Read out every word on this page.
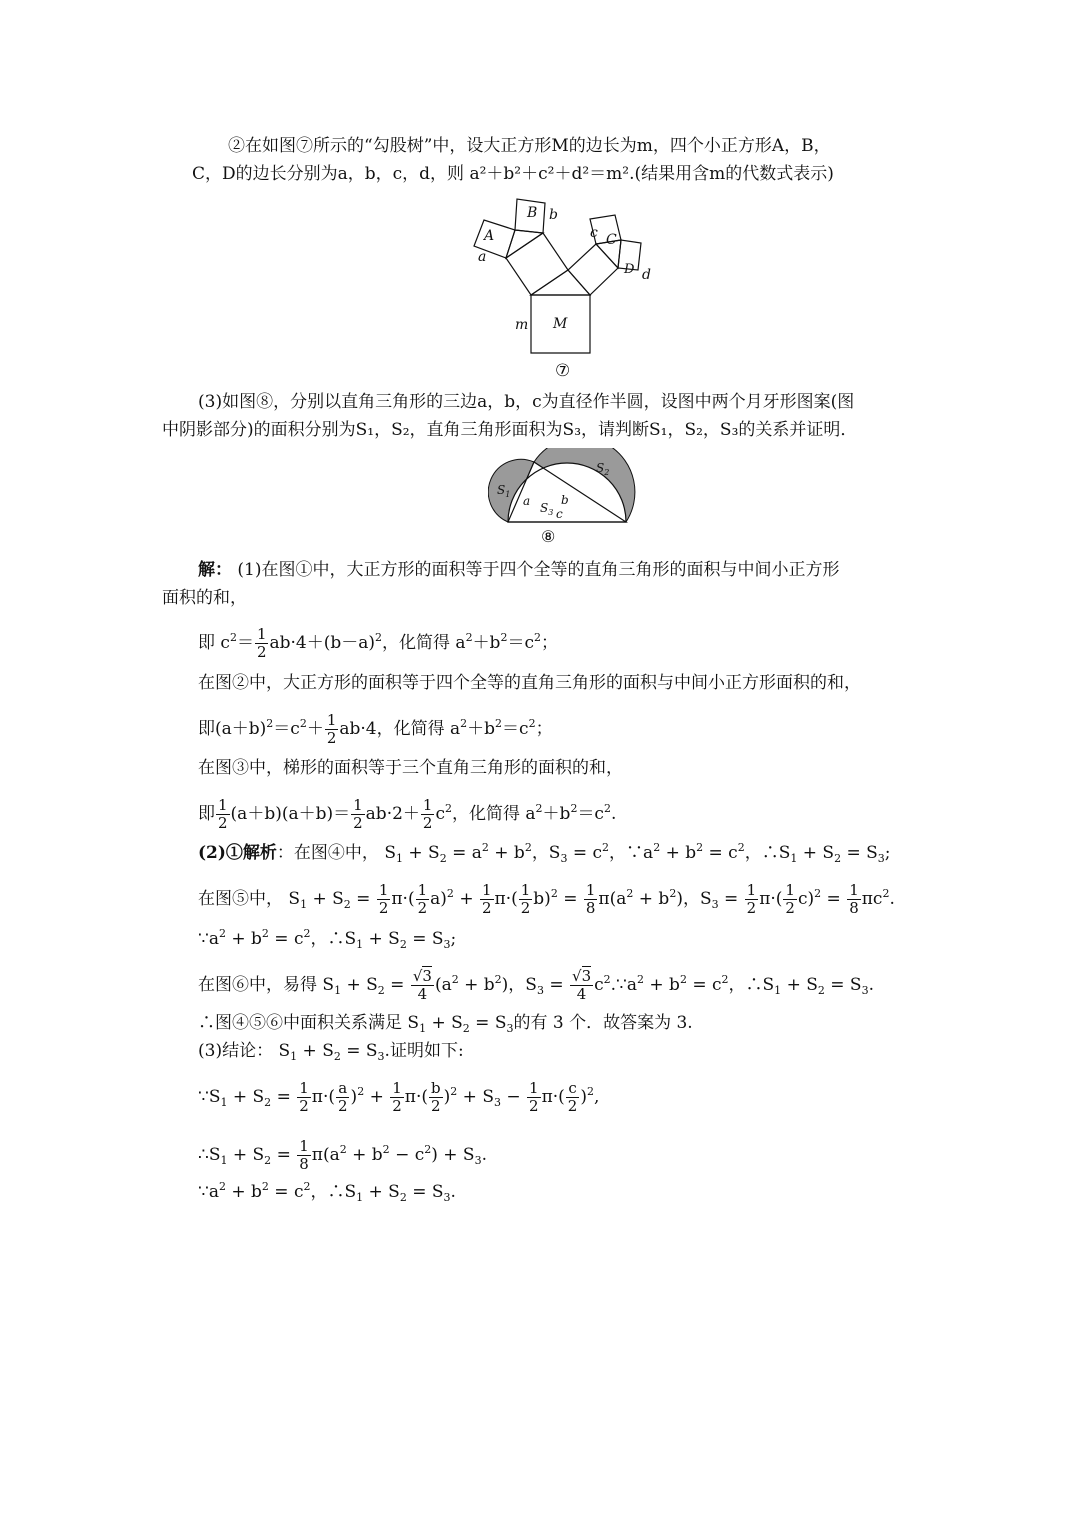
②在如图⑦所示的“勾股树”中，设大正方形M的边长为m，四个小正方形A，B，
C，D的边长分别为a，b，c，d，则 a²＋b²＋c²＋d²＝m².(结果用含m的代数式表示)
A
B
C
D
M
a
b
c
d
m
⑦
(3)如图⑧，分别以直角三角形的三边a，b，c为直径作半圆，设图中两个月牙形图案(图
中阴影部分)的面积分别为S₁，S₂，直角三角形面积为S₃，请判断S₁，S₂，S₃的关系并证明．
$S_1$
$S_2$
$S_3$
a	b
c
⑧
解： (1)在图①中，大正方形的面积等于四个全等的直角三角形的面积与中间小正方形
面积的和，
即 $c^2= \frac{1}{2} ab\cdot 4+(b-a)^2$，化简得 $a^2+b^2=c^2$；
在图②中，大正方形的面积等于四个全等的直角三角形的面积与中间小正方形面积的和，
即$(a+b)^2=c^2+ \frac{1}{2} ab\cdot 4$，化简得 $a^2+b^2=c^2$；
在图③中，梯形的面积等于三个直角三角形的面积的和，
即 $\frac{1}{2} (a+b)(a+b)= \frac{1}{2} ab\cdot 2+ \frac{1}{2} c^2$，化简得 $a^2+b^2=c^2$.
(2)①解析：在图④中， $S_1 + S_2 = a^2 + b^2$，$S_3 = c^2$，$\because a^2 + b^2 = c^2$，$\therefore S_1 + S_2 = S_3$;
在图⑤中， $S_1 + S_2 = \frac{1}{2} \pi\cdot( \frac{1}{2} a)^2 + \frac{1}{2} \pi\cdot( \frac{1}{2} b)^2 = \frac{1}{8} \pi(a^2 + b^2)$，$S_3 = \frac{1}{2} \pi\cdot( \frac{1}{2} c)^2 = \frac{1}{8} \pi c^2$.
$\because a^2 + b^2 = c^2$，$\therefore S_1 + S_2 = S_3$;
在图⑥中，易得 $S_1 + S_2 = \frac{√3}{4} (a^2 + b^2)$，$S_3 = \frac{√3}{4}$ $c^2.\because a^2 + b^2 = c^2$，$\therefore S_1 + S_2 = S_3$.
∴图④⑤⑥中面积关系满足 $S_1 + S_2 = S_3$的有 3 个．故答案为 3.
(3)结论： $S_1 + S_2 = S_3$.证明如下:
$\because S_1 + S_2 = \frac{1}{2} \pi\cdot( \frac{a}{2} )^2 + \frac{1}{2} \pi\cdot( \frac{b}{2} )^2 + S_3 - \frac{1}{2} \pi\cdot( \frac{c}{2} )^2$,
$\therefore S_1 + S_2 = \frac{1}{8} \pi(a^2 + b^2 - c^2) + S_3$.
$\because a^2 + b^2 = c^2$，$\therefore S_1 + S_2 = S_3$.
